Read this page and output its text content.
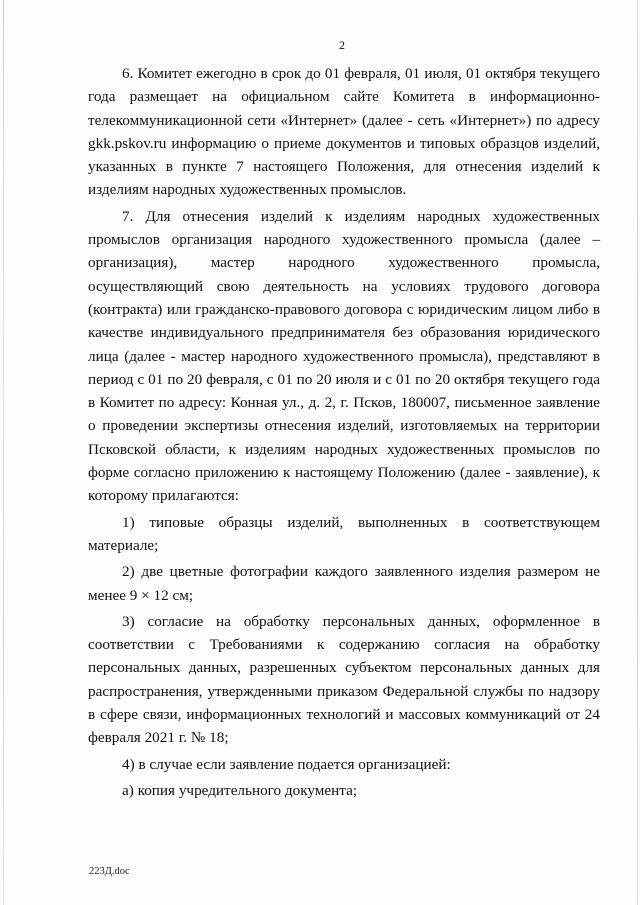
2

6. Комитет ежегодно в срок до 01 февраля, 01 июля, 01 октября текущего года размещает на официальном сайте Комитета в информационно-телекоммуникационной сети «Интернет» (далее - сеть «Интернет») по адресу gkk.pskov.ru информацию о приеме документов и типовых образцов изделий, указанных в пункте 7 настоящего Положения, для отнесения изделий к изделиям народных художественных промыслов.

7. Для отнесения изделий к изделиям народных художественных промыслов организация народного художественного промысла (далее – организация), мастер народного художественного промысла, осуществляющий свою деятельность на условиях трудового договора (контракта) или гражданско-правового договора с юридическим лицом либо в качестве индивидуального предпринимателя без образования юридического лица (далее - мастер народного художественного промысла), представляют в период с 01 по 20 февраля, с 01 по 20 июля и с 01 по 20 октября текущего года в Комитет по адресу: Конная ул., д. 2, г. Псков, 180007, письменное заявление о проведении экспертизы отнесения изделий, изготовляемых на территории Псковской области, к изделиям народных художественных промыслов по форме согласно приложению к настоящему Положению (далее - заявление), к которому прилагаются:

1) типовые образцы изделий, выполненных в соответствующем материале;

2) две цветные фотографии каждого заявленного изделия размером не менее 9 × 12 см;

3) согласие на обработку персональных данных, оформленное в соответствии с Требованиями к содержанию согласия на обработку персональных данных, разрешенных субъектом персональных данных для распространения, утвержденными приказом Федеральной службы по надзору в сфере связи, информационных технологий и массовых коммуникаций от 24 февраля 2021 г. № 18;

4) в случае если заявление подается организацией:

а) копия учредительного документа;

223Д.doc
